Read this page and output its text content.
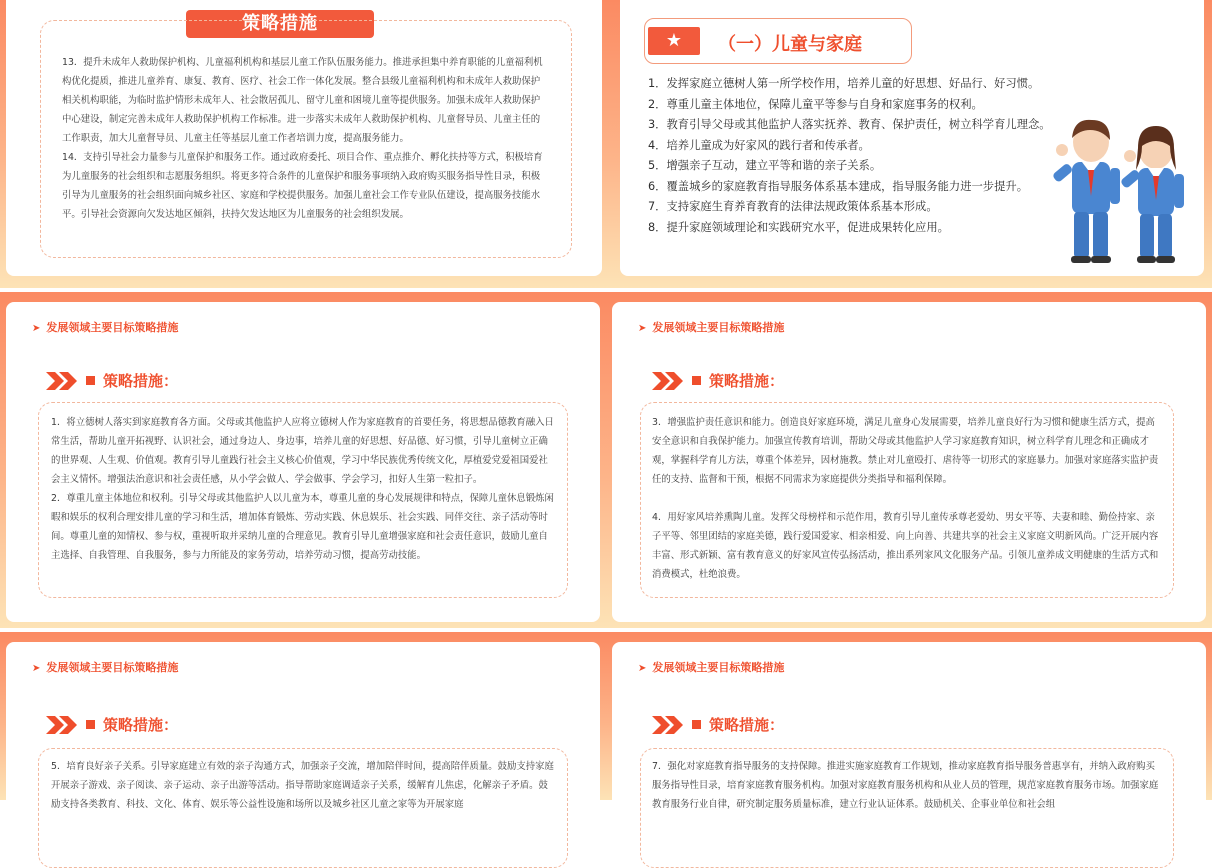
策略措施
13．提升未成年人救助保护机构、儿童福利机构和基层儿童工作队伍服务能力。推进承担集中养育职能的儿童福利机构优化提质，推进儿童养育、康复、教育、医疗、社会工作一体化发展。整合县级儿童福利机构和未成年人救助保护相关机构职能，为临时监护情形未成年人、社会散居孤儿、留守儿童和困境儿童等提供服务。加强未成年人救助保护中心建设，制定完善未成年人救助保护机构工作标准。进一步落实未成年人救助保护机构、儿童督导员、儿童主任的工作职责，加大儿童督导员、儿童主任等基层儿童工作者培训力度，提高服务能力。
14．支持引导社会力量参与儿童保护和服务工作。通过政府委托、项目合作、重点推介、孵化扶持等方式，积极培育为儿童服务的社会组织和志愿服务组织。将更多符合条件的儿童保护和服务事项纳入政府购买服务指导性目录，积极引导为儿童服务的社会组织面向城乡社区、家庭和学校提供服务。加强儿童社会工作专业队伍建设，提高服务技能水平。引导社会资源向欠发达地区倾斜，扶持欠发达地区为儿童服务的社会组织发展。
★	（一）儿童与家庭
1．发挥家庭立德树人第一所学校作用，培养儿童的好思想、好品行、好习惯。
2．尊重儿童主体地位，保障儿童平等参与自身和家庭事务的权利。
3．教育引导父母或其他监护人落实抚养、教育、保护责任，树立科学育儿理念。
4．培养儿童成为好家风的践行者和传承者。
5．增强亲子互动，建立平等和谐的亲子关系。
6．覆盖城乡的家庭教育指导服务体系基本建成，指导服务能力进一步提升。
7．支持家庭生育养育教育的法律法规政策体系基本形成。
8．提升家庭领域理论和实践研究水平，促进成果转化应用。
➤ 发展领域主要目标策略措施
策略措施：
1．将立德树人落实到家庭教育各方面。父母或其他监护人应将立德树人作为家庭教育的首要任务，将思想品德教育融入日常生活，帮助儿童开拓视野、认识社会，通过身边人、身边事，培养儿童的好思想、好品德、好习惯，引导儿童树立正确的世界观、人生观、价值观。教育引导儿童践行社会主义核心价值观，学习中华民族优秀传统文化，厚植爱党爱祖国爱社会主义情怀。增强法治意识和社会责任感，从小学会做人、学会做事、学会学习，扣好人生第一粒扣子。
2．尊重儿童主体地位和权利。引导父母或其他监护人以儿童为本，尊重儿童的身心发展规律和特点，保障儿童休息锻炼闲暇和娱乐的权利合理安排儿童的学习和生活，增加体育锻炼、劳动实践、休息娱乐、社会实践、同伴交往、亲子活动等时间。尊重儿童的知情权、参与权，重视听取并采纳儿童的合理意见。教育引导儿童增强家庭和社会责任意识，鼓励儿童自主选择、自我管理、自我服务，参与力所能及的家务劳动，培养劳动习惯，提高劳动技能。
➤ 发展领域主要目标策略措施
策略措施：
3．增强监护责任意识和能力。创造良好家庭环境，满足儿童身心发展需要，培养儿童良好行为习惯和健康生活方式，提高安全意识和自我保护能力。加强宣传教育培训，帮助父母或其他监护人学习家庭教育知识，树立科学育儿理念和正确成才观，掌握科学育儿方法，尊重个体差异，因材施教。禁止对儿童殴打、虐待等一切形式的家庭暴力。加强对家庭落实监护责任的支持、监督和干预，根据不同需求为家庭提供分类指导和福利保障。

4．用好家风培养熏陶儿童。发挥父母榜样和示范作用，教育引导儿童传承尊老爱幼、男女平等、夫妻和睦、勤俭持家、亲子平等、邻里团结的家庭美德，践行爱国爱家、相亲相爱、向上向善、共建共享的社会主义家庭文明新风尚。广泛开展内容丰富、形式新颖、富有教育意义的好家风宣传弘扬活动，推出系列家风文化服务产品。引领儿童养成文明健康的生活方式和消费模式，杜绝浪费。
➤ 发展领域主要目标策略措施
策略措施：
5．培育良好亲子关系。引导家庭建立有效的亲子沟通方式，加强亲子交流，增加陪伴时间，提高陪伴质量。鼓励支持家庭开展亲子游戏、亲子阅读、亲子运动、亲子出游等活动。指导帮助家庭调适亲子关系，缓解育儿焦虑，化解亲子矛盾。鼓励支持各类教育、科技、文化、体育、娱乐等公益性设施和场所以及城乡社区儿童之家等为开展家庭
➤ 发展领域主要目标策略措施
策略措施：
7．强化对家庭教育指导服务的支持保障。推进实施家庭教育工作规划，推动家庭教育指导服务普惠享有，并纳入政府购买服务指导性目录，培育家庭教育服务机构。加强对家庭教育服务机构和从业人员的管理，规范家庭教育服务市场。加强家庭教育服务行业自律，研究制定服务质量标准，建立行业认证体系。鼓励机关、企事业单位和社会组
